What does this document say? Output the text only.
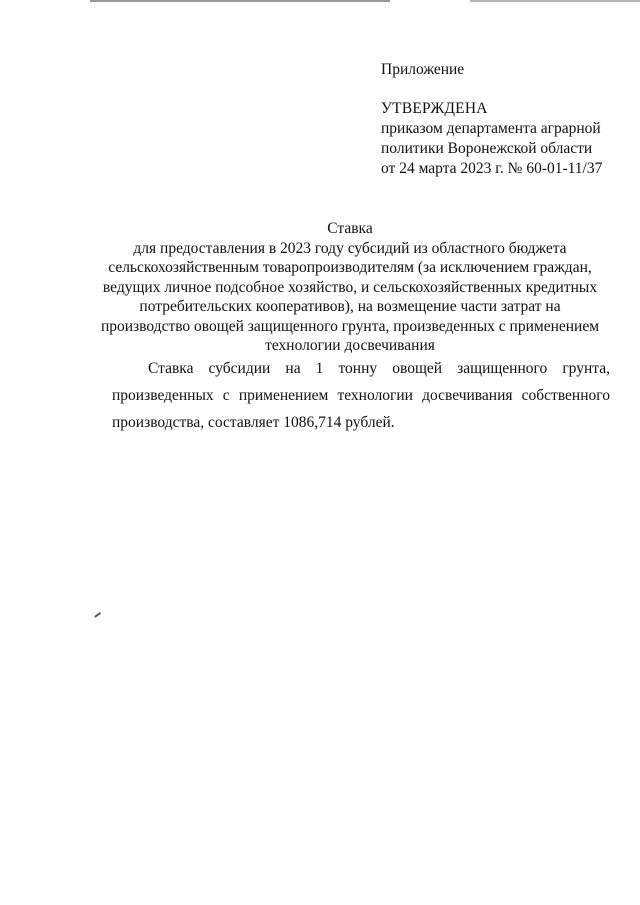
Приложение

УТВЕРЖДЕНА

приказом департамента аграрной

политики Воронежской области

от 24 марта 2023 г. № 60-01-11/37

Ставка

для предоставления в 2023 году субсидий из областного бюджета

сельскохозяйственным товаропроизводителям (за исключением граждан,

ведущих личное подсобное хозяйство, и сельскохозяйственных кредитных

потребительских кооперативов), на возмещение части затрат на

производство овощей защищенного грунта, произведенных с применением

технологии досвечивания

Ставка субсидии на 1 тонну овощей защищенного грунта,
произведенных с применением технологии досвечивания собственного
производства, составляет 1086,714 рублей.
